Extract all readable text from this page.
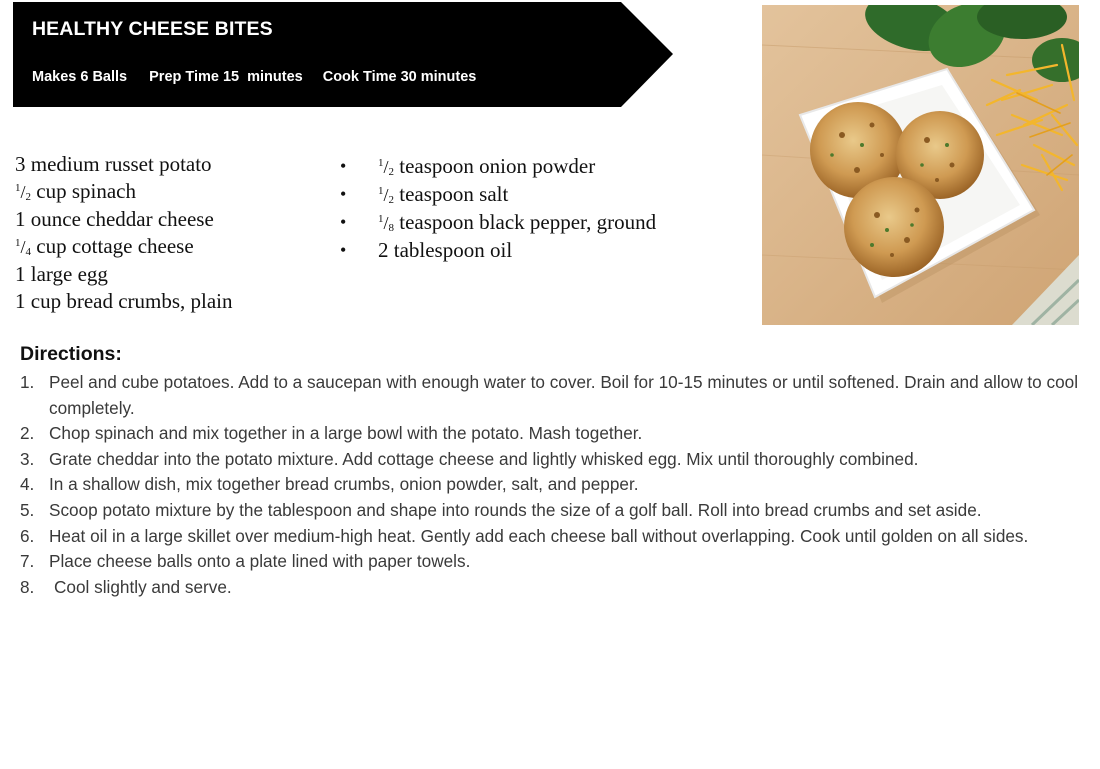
HEALTHY CHEESE BITES
Makes 6 Balls Prep Time 15 minutes Cook Time 30 minutes
3 medium russet potato
$^1/_2$ cup spinach
1 ounce cheddar cheese
$^1/_4$ cup cottage cheese
1 large egg
1 cup bread crumbs, plain
•	$^1/_2$ teaspoon onion powder
•	$^1/_2$ teaspoon salt
•	$^1/_8$ teaspoon black pepper, ground
• 2 tablespoon oil
Directions:
1. Peel and cube potatoes. Add to a saucepan with enough water to cover. Boil for 10-15 minutes or until softened. Drain and allow to cool completely.
2. Chop spinach and mix together in a large bowl with the potato. Mash together.
3. Grate cheddar into the potato mixture. Add cottage cheese and lightly whisked egg. Mix until thoroughly combined.
4. In a shallow dish, mix together bread crumbs, onion powder, salt, and pepper.
5. Scoop potato mixture by the tablespoon and shape into rounds the size of a golf ball. Roll into bread crumbs and set aside.
6. Heat oil in a large skillet over medium-high heat. Gently add each cheese ball without overlapping. Cook until golden on all sides.
7. Place cheese balls onto a plate lined with paper towels.
8. Cool slightly and serve.
